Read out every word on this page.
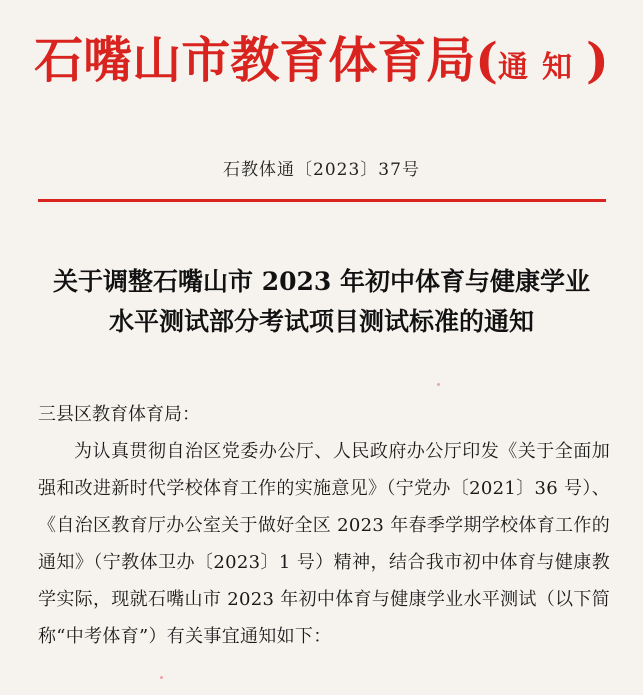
石嘴山市教育体育局(通知)
石教体通〔2023〕37号
关于调整石嘴山市 2023 年初中体育与健康学业
水平测试部分考试项目测试标准的通知

三县区教育体育局：

为认真贯彻自治区党委办公厅、人民政府办公厅印发《关于全面加强和改进新时代学校体育工作的实施意见》（宁党办〔2021〕36 号）、《自治区教育厅办公室关于做好全区 2023 年春季学期学校体育工作的通知》（宁教体卫办〔2023〕1 号）精神，结合我市初中体育与健康教学实际，现就石嘴山市 2023 年初中体育与健康学业水平测试（以下简称“中考体育”）有关事宜通知如下：
